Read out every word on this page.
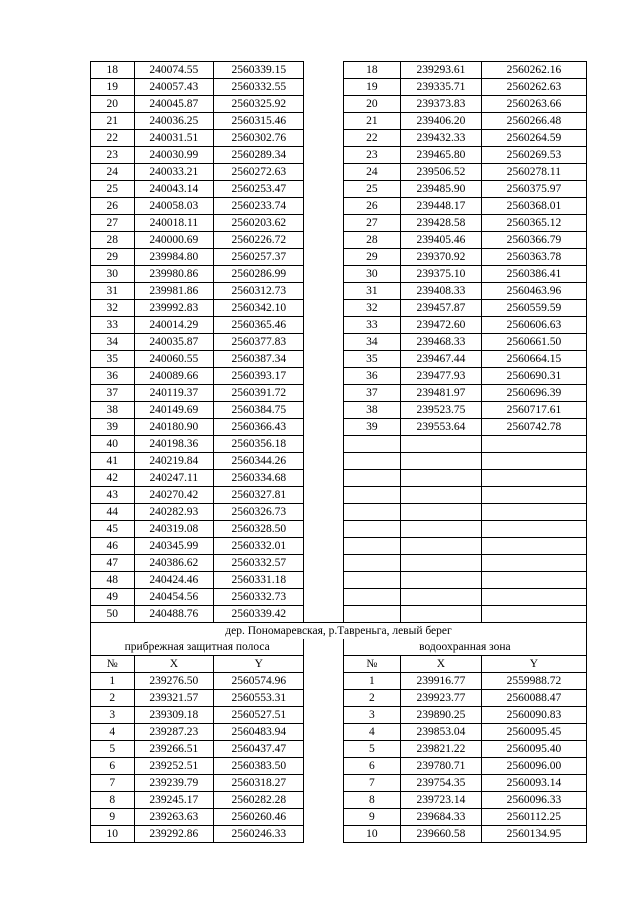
18	240074.55	2560339.15		18	239293.61	2560262.16
19	240057.43	2560332.55		19	239335.71	2560262.63
20	240045.87	2560325.92		20	239373.83	2560263.66
21	240036.25	2560315.46		21	239406.20	2560266.48
22	240031.51	2560302.76		22	239432.33	2560264.59
23	240030.99	2560289.34		23	239465.80	2560269.53
24	240033.21	2560272.63		24	239506.52	2560278.11
25	240043.14	2560253.47		25	239485.90	2560375.97
26	240058.03	2560233.74		26	239448.17	2560368.01
27	240018.11	2560203.62		27	239428.58	2560365.12
28	240000.69	2560226.72		28	239405.46	2560366.79
29	239984.80	2560257.37		29	239370.92	2560363.78
30	239980.86	2560286.99		30	239375.10	2560386.41
31	239981.86	2560312.73		31	239408.33	2560463.96
32	239992.83	2560342.10		32	239457.87	2560559.59
33	240014.29	2560365.46		33	239472.60	2560606.63
34	240035.87	2560377.83		34	239468.33	2560661.50
35	240060.55	2560387.34		35	239467.44	2560664.15
36	240089.66	2560393.17		36	239477.93	2560690.31
37	240119.37	2560391.72		37	239481.97	2560696.39
38	240149.69	2560384.75		38	239523.75	2560717.61
39	240180.90	2560366.43		39	239553.64	2560742.78
40	240198.36	2560356.18				
41	240219.84	2560344.26				
42	240247.11	2560334.68				
43	240270.42	2560327.81				
44	240282.93	2560326.73				
45	240319.08	2560328.50				
46	240345.99	2560332.01				
47	240386.62	2560332.57				
48	240424.46	2560331.18				
49	240454.56	2560332.73				
50	240488.76	2560339.42				
дер. Пономаревская, р.Тавреньга, левый берег						
прибрежная защитная полоса				водоохранная зона		
№	X	Y		№	X	Y
1	239276.50	2560574.96		1	239916.77	2559988.72
2	239321.57	2560553.31		2	239923.77	2560088.47
3	239309.18	2560527.51		3	239890.25	2560090.83
4	239287.23	2560483.94		4	239853.04	2560095.45
5	239266.51	2560437.47		5	239821.22	2560095.40
6	239252.51	2560383.50		6	239780.71	2560096.00
7	239239.79	2560318.27		7	239754.35	2560093.14
8	239245.17	2560282.28		8	239723.14	2560096.33
9	239263.63	2560260.46		9	239684.33	2560112.25
10	239292.86	2560246.33		10	239660.58	2560134.95
